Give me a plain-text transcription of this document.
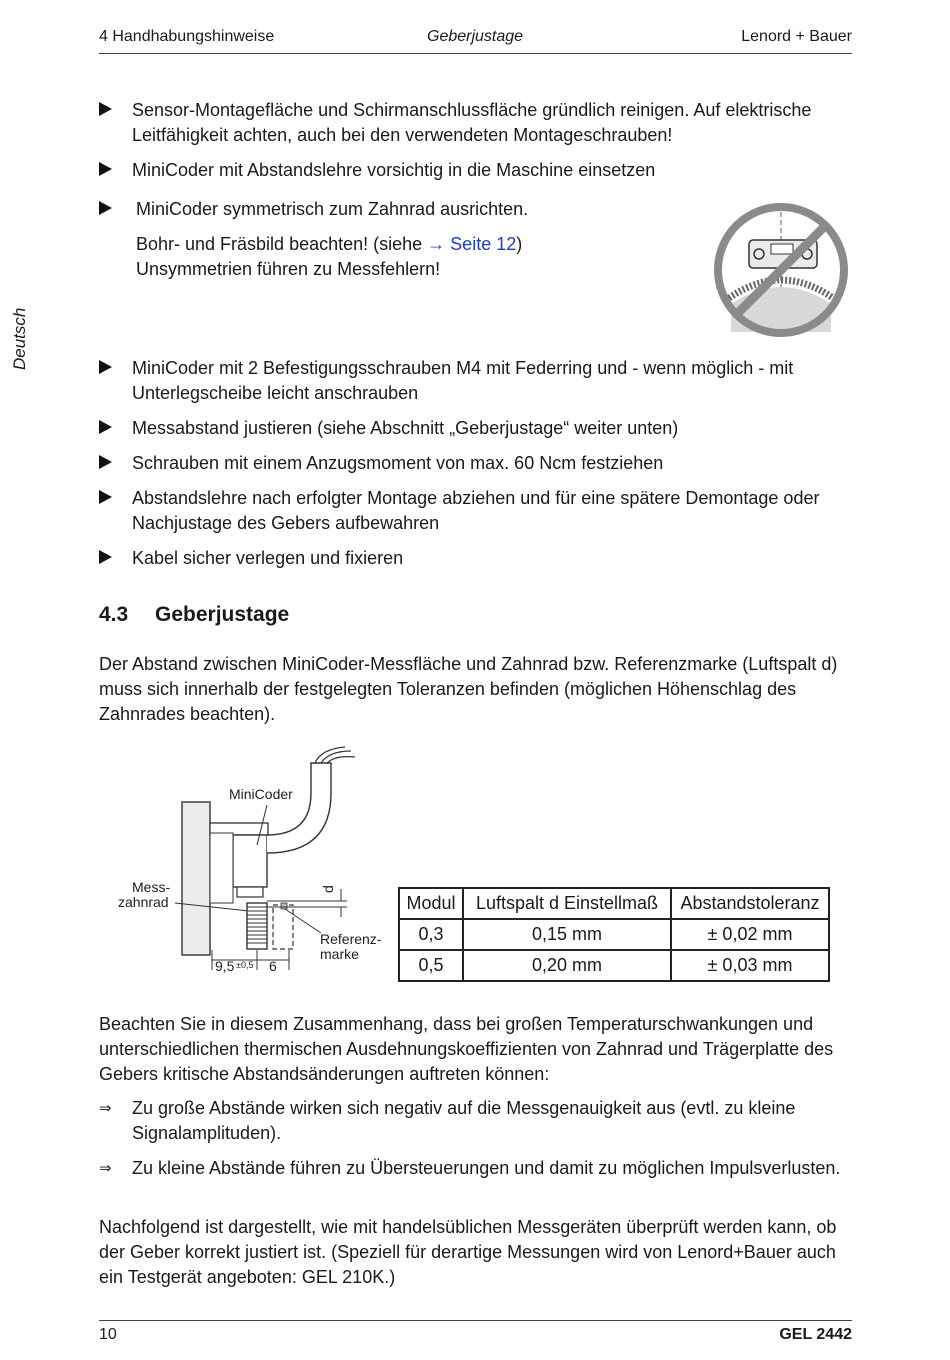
4 Handhabungshinweise	Geberjustage	Lenord + Bauer
Deutsch
Sensor-Montagefläche und Schirmanschlussfläche gründlich reinigen. Auf elektrische Leitfähigkeit achten, auch bei den verwendeten Montageschrauben!
MiniCoder mit Abstandslehre vorsichtig in die Maschine einsetzen
MiniCoder symmetrisch zum Zahnrad ausrichten.
Bohr- und Fräsbild beachten! (siehe → Seite 12)
Unsymmetrien führen zu Messfehlern!
MiniCoder mit 2 Befestigungsschrauben M4 mit Federring und - wenn möglich - mit Unterlegscheibe leicht anschrauben
Messabstand justieren (siehe Abschnitt „Geberjustage“ weiter unten)
Schrauben mit einem Anzugsmoment von max. 60 Ncm festziehen
Abstandslehre nach erfolgter Montage abziehen und für eine spätere Demontage oder Nachjustage des Gebers aufbewahren
Kabel sicher verlegen und fixieren
4.3 Geberjustage
Der Abstand zwischen MiniCoder-Messfläche und Zahnrad bzw. Referenzmarke (Luftspalt d) muss sich innerhalb der festgelegten Toleranzen befinden (möglichen Höhenschlag des Zahnrades beachten).
MiniCoder
Mess-
zahnrad
Referenz-
marke
d
9,5 ±0,5 6
Modul	Luftspalt d Einstellmaß	Abstandstoleranz
0,3	0,15 mm	± 0,02 mm
0,5	0,20 mm	± 0,03 mm
Beachten Sie in diesem Zusammenhang, dass bei großen Temperaturschwankungen und unterschiedlichen thermischen Ausdehnungskoeffizienten von Zahnrad und Trägerplatte des Gebers kritische Abstandsänderungen auftreten können:
⇒ Zu große Abstände wirken sich negativ auf die Messgenauigkeit aus (evtl. zu kleine Signalamplituden).
⇒ Zu kleine Abstände führen zu Übersteuerungen und damit zu möglichen Impulsverlusten.
Nachfolgend ist dargestellt, wie mit handelsüblichen Messgeräten überprüft werden kann, ob der Geber korrekt justiert ist. (Speziell für derartige Messungen wird von Lenord+Bauer auch ein Testgerät angeboten: GEL 210K.)
10	GEL 2442
